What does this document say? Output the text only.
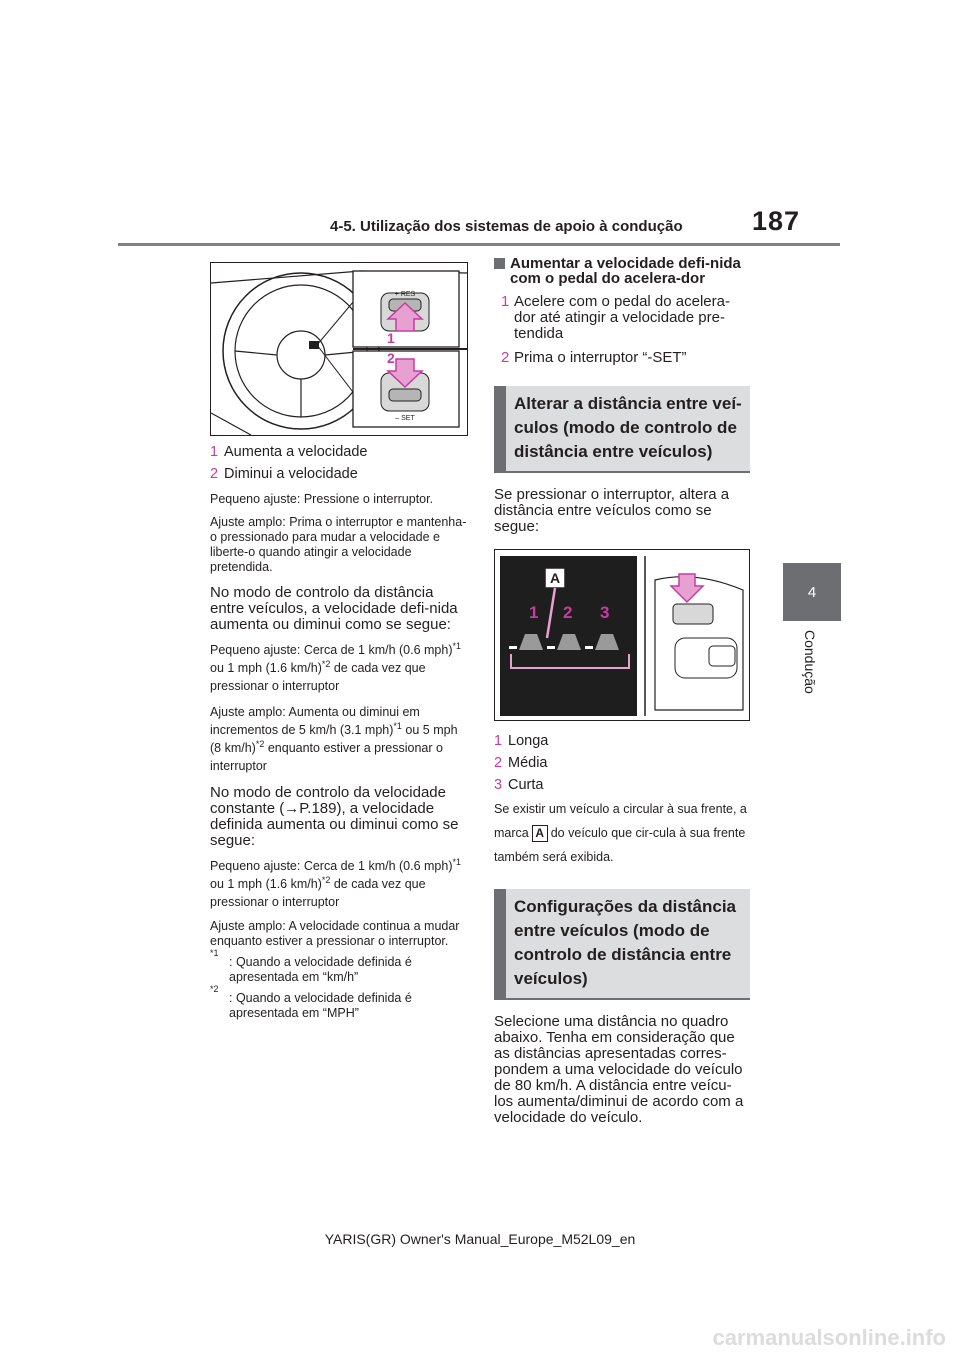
4-5. Utilização dos sistemas de apoio à condução	187
4
Condução
+ RES
– SET
1
2
1 Aumenta a velocidade
2 Diminui a velocidade

Pequeno ajuste: Pressione o interruptor.

Ajuste amplo: Prima o interruptor e mantenha-o pressionado para mudar a velocidade e liberte-o quando atingir a velocidade pretendida.

No modo de controlo da distância entre veículos, a velocidade defi-nida aumenta ou diminui como se segue:

Pequeno ajuste: Cerca de 1 km/h (0.6 mph)$^{*1}$ ou 1 mph (1.6 km/h)$^{*2}$ de cada vez que pressionar o interruptor

Ajuste amplo: Aumenta ou diminui em incrementos de 5 km/h (3.1 mph)$^{*1}$ ou 5 mph (8 km/h)$^{*2}$ enquanto estiver a pressionar o interruptor

No modo de controlo da velocidade constante (→P.189), a velocidade definida aumenta ou diminui como se segue:

Pequeno ajuste: Cerca de 1 km/h (0.6 mph)$^{*1}$ ou 1 mph (1.6 km/h)$^{*2}$ de cada vez que pressionar o interruptor

Ajuste amplo: A velocidade continua a mudar enquanto estiver a pressionar o interruptor.

*1
: Quando a velocidade definida é apresentada em “km/h”
*2
: Quando a velocidade definida é apresentada em “MPH”

Aumentar a velocidade defi-nida com o pedal do acelera-dor

1 Acelere com o pedal do acelera-dor até atingir a velocidade pre-tendida
2 Prima o interruptor “-SET”
Alterar a distância entre veí-culos (modo de controlo de distância entre veículos)

Se pressionar o interruptor, altera a distância entre veículos como se segue:

A
1 2 3
1 Longa
2 Média
3 Curta

Se existir um veículo a circular à sua frente, a marca A do veículo que cir-cula à sua frente também será exibida.

Configurações da distância entre veículos (modo de controlo de distância entre veículos)

Selecione uma distância no quadro abaixo. Tenha em consideração que as distâncias apresentadas corres-pondem a uma velocidade do veículo de 80 km/h. A distância entre veícu-los aumenta/diminui de acordo com a velocidade do veículo.

YARIS(GR) Owner's Manual_Europe_M52L09_en
carmanualsonline.info
